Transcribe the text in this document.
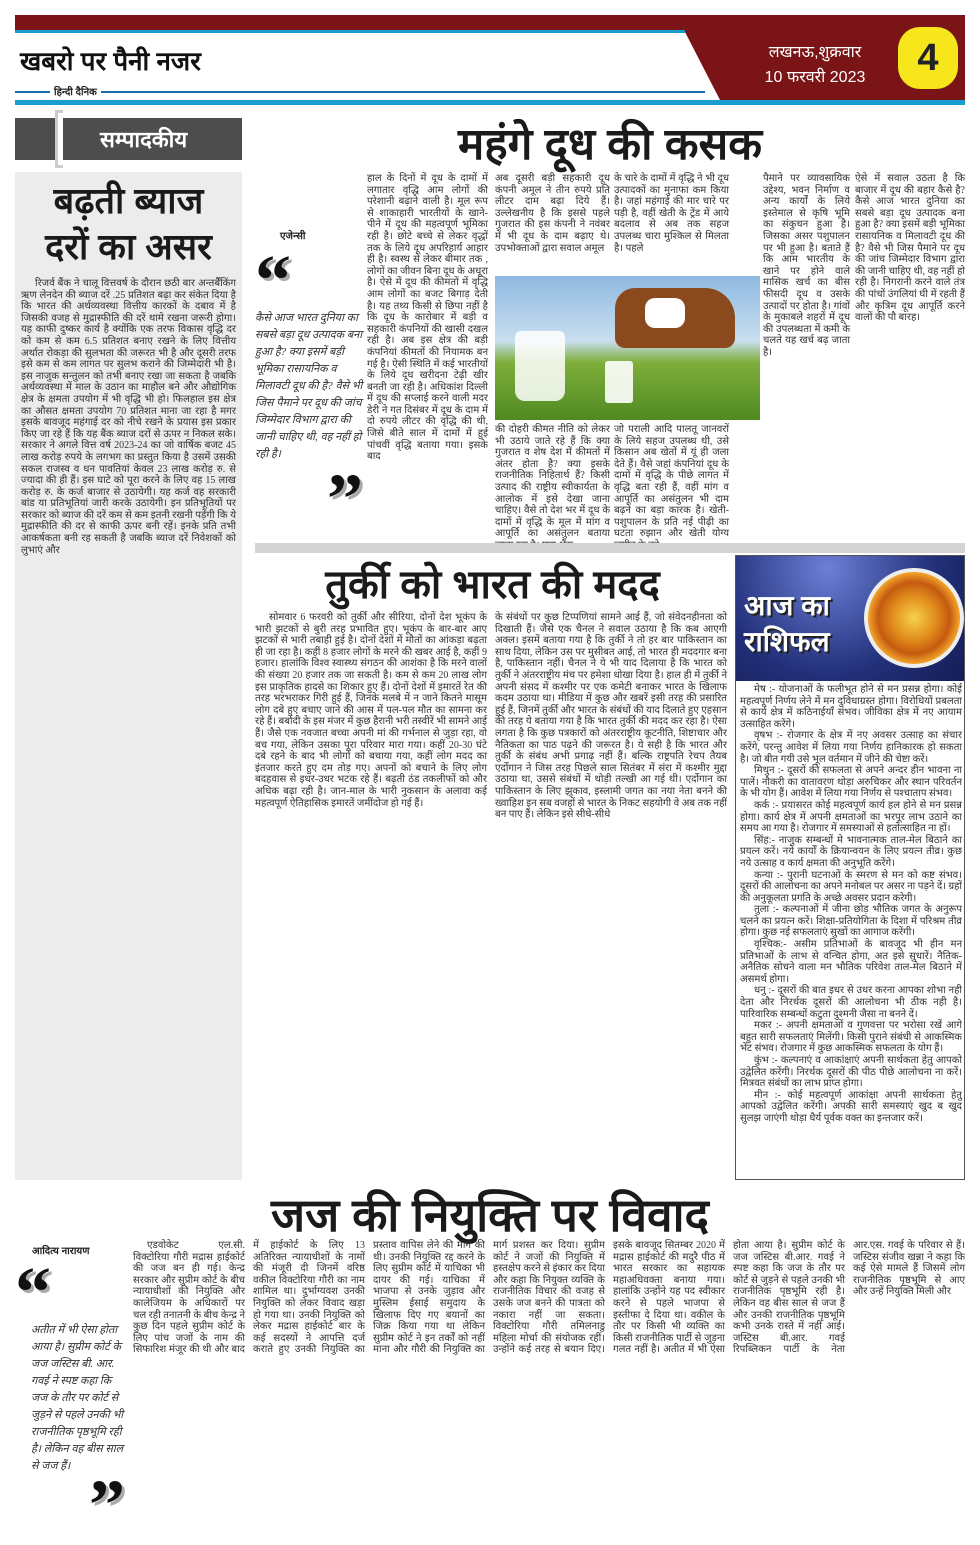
खबरो पर पैनी नजर
हिन्दी दैनिक
लखनऊ,शुक्रवार
10 फरवरी 2023	4
सम्पादकीय
बढ़ती ब्याज
दरों का असर

रिजर्व बैंक ने चालू वित्तवर्ष के दौरान छठी बार अन्तर्बैंकिंग ऋण लेनदेन की ब्याज दरें .25 प्रतिशत बढ़ा कर संकेत दिया है कि भारत की अर्थव्यवस्था वित्तीय कारकों के दबाव में है जिसकी वजह से मुद्रास्फीति की दरें थामे रखना जरूरी होगा। यह काफी दुष्कर कार्य है क्योंकि एक तरफ विकास वृद्धि दर को कम से कम 6.5 प्रतिशत बनाए रखने के लिए वित्तीय अर्थात रोकड़ा की सुलभता की जरूरत भी है और दूसरी तरफ इसे कम से कम लागत पर सुलभ कराने की जिम्मेदारी भी है। इस नाजुक सन्तुलन को तभी बनाए रखा जा सकता है जबकि अर्थव्यवस्था में माल के उठान का माहौल बने और औद्योगिक क्षेत्र के क्षमता उपयोग में भी वृद्धि भी हो। फिलहाल इस क्षेत्र का औसत क्षमता उपयोग 70 प्रतिशत माना जा रहा है मगर इसके बावजूद महंगाई दर को नीचे रखने के प्रयास इस प्रकार किए जा रहे हैं कि यह बैंक ब्याज दरों से ऊपर न निकल सके। सरकार ने अगले वित्त वर्ष 2023-24 का जो वार्षिक बजट 45 लाख करोड़ रुपये के लगभग का प्रस्तुत किया है उसमें उसकी सकल राजस्व व धन पावतियां केवल 23 लाख करोड़ रु. से ज्यादा की ही हैं। इस घाटे को पूरा करने के लिए वह 15 लाख करोड़ रु. के कर्ज बाजार से उठायेगी। यह कर्ज वह सरकारी बांड या प्रतिभूतियां जारी करके उठायेगी। इन प्रतिभूतियों पर सरकार को ब्याज की दरें कम से कम इतनी रखनी पड़ेंगी कि ये मुद्रास्फीति की दर से काफी ऊपर बनी रहें। इनके प्रति तभी आकर्षकता बनी रह सकती है जबकि ब्याज दरें निवेशकों को लुभाएं और

महंगे दूध की कसक
एजेन्सी
“
कैसे आज भारत दुनिया का सबसे बड़ा दूध उत्पादक बना हुआ है? क्या इसमें बड़ी भूमिका रासायनिक व मिलावटी दूध की है? वैसे भी जिस पैमाने पर दूध की जांच जिम्मेदार विभाग द्वारा की जानी चाहिए थी, वह नहीं हो रही है।
”
हाल के दिनों में दूध के दामों में लगातार वृद्धि आम लोगों की परेशानी बढ़ाने वाली है। मूल रूप से शाकाहारी भारतीयों के खाने-पीने में दूध की महत्वपूर्ण भूमिका रही है। छोटे बच्चे से लेकर वृद्धों तक के लिये दूध अपरिहार्य आहार ही है। स्वस्थ से लेकर बीमार तक , लोगों का जीवन बिना दूध के अधूरा है। ऐसे में दूध की कीमतों में वृद्धि आम लोगों का बजट बिगाड़ देती है। यह तथ्य किसी से छिपा नहीं है कि दूध के कारोबार में बड़ी व सहकारी कंपनियों की खासी दखल रही है। अब इस क्षेत्र की बड़ी कंपनियां कीमतों की नियामक बन गई है। ऐसी स्थिति में कई भारतीयों के लिये दूध खरीदना टेढ़ी खीर बनती जा रही है। अधिकांश दिल्ली में दूध की सप्लाई करने वाली मदर डेरी ने गत दिसंबर में दूध के दाम में दो रुपये लीटर की वृद्धि की थी, जिसे बीते साल में दामों में हुई पांचवीं वृद्धि बताया गया। इसके बाद
अब दूसरी बड़ी सहकारी दूध कंपनी अमूल ने तीन रुपये प्रति लीटर दाम बढ़ा दिये हैं। उल्लेखनीय है कि इससे पहले गुजरात की इस कंपनी ने नवंबर में भी दूध के दाम बढ़ाए थे। उपभोक्ताओं द्वारा सवाल अमूल
के चारे के दामों में वृद्धि ने भी दूध उत्पादकों का मुनाफा कम किया है। जहां महंगाई की मार चारे पर पड़ी है, वहीं खेती के ट्रेंड में आये बदलाव से अब तक सहज उपलब्ध चारा मुश्किल से मिलता है। पहले
की दोहरी कीमत नीति को लेकर भी उठाये जाते रहे हैं कि क्या गुजरात व शेष देश में कीमतों में अंतर होता है? क्या इसके राजनीतिक निहितार्थ हैं? किसी उत्पाद की राष्ट्रीय स्वीकार्यता के आलोक में इसे देखा जाना चाहिए। वैसे तो देश भर में दूध के दामों में वृद्धि के मूल में मांग व आपूर्ति का असंतुलन बताया
जो पराली आदि पालतू जानवरों के लिये सहज उपलब्ध थी, उसे किसान अब खेतों में यूं ही जला देते हैं। वैसे जहां कंपनियां दूध के दामों में वृद्धि के पीछे लागत में वृद्धि बता रही हैं, वहीं मांग व आपूर्ति का असंतुलन भी दाम बढ़ने का बड़ा कारक है। खेती-पशुपालन के प्रति नई पीढ़ी का घटता रुझान और खेती योग्य
पैमाने पर व्यावसायिक उद्देश्य, भवन निर्माण व अन्य कार्यों के लिये इस्तेमाल से कृषि भूमि का संकुचन हुआ है। जिसका असर पशुपालन पर भी हुआ है। बताते हैं कि आम भारतीय के खाने पर होने वाले मासिक खर्च का बीस फीसदी दूध व उसके उत्पादों पर होता है। गांवों के मुकाबले शहरों में दूध की उपलब्धता में कमी के चलते यह खर्च बढ़ जाता है।
ऐसे में सवाल उठता है कि बाजार में दूध की बहार कैसे है? कैसे आज भारत दुनिया का सबसे बड़ा दूध उत्पादक बना हुआ है? क्या इसमें बड़ी भूमिका रासायनिक व मिलावटी दूध की है? वैसे भी जिस पैमाने पर दूध की जांच जिम्मेदार विभाग द्वारा की जानी चाहिए थी, वह नहीं हो रही है। निगरानी करने वाले तंत्र की पांचों उंगलियां घी में रहती हैं और कृत्रिम दूध आपूर्ति करने वालों की पौ बारह।
तुर्की को भारत की मदद
सोमवार 6 फरवरी को तुर्की और सीरिया, दोनों देश भूकंप के भारी झटकों से बुरी तरह प्रभावित हुए। भूकंप के बार-बार आए झटकों से भारी तबाही हुई है। दोनों देशों में मौतों का आंकड़ा बढ़ता ही जा रहा है। कहीं 8 हजार लोगों के मरने की खबर आई है, कहीं 9 हजार। हालांकि विश्व स्वास्थ्य संगठन की आशंका है कि मरने वालों की संख्या 20 हजार तक जा सकती है। कम से कम 20 लाख लोग इस प्राकृतिक हादसे का शिकार हुए हैं। दोनों देशों में इमारतें रेत की तरह भरभराकर गिरी हुई हैं, जिनके मलबे में न जाने कितने मासूम लोग दबे हुए बचाए जाने की आस में पल-पल मौत का सामना कर रहे हैं। बर्बादी के इस मंजर में कुछ हैरानी भरी तस्वीरें भी सामने आई हैं। जैसे एक नवजात बच्चा अपनी मां की गर्भनाल से जुड़ा रहा, वो बच गया, लेकिन उसका पूरा परिवार मारा गया। कहीं 20-30 घंटे दबे रहने के बाद भी लोगों को बचाया गया, कहीं लोग मदद का इंतजार करते हुए दम तोड़ गए। अपनों को बचाने के लिए लोग बदहवास से इधर-उधर भटक रहे हैं। बढ़ती ठंड तकलीफों को और अधिक बढ़ा रही है। जान-माल के भारी नुकसान के अलावा कई महत्वपूर्ण ऐतिहासिक इमारतें जमींदोज हो गई हैं।
के संबंधों पर कुछ टिप्पणियां सामने आई हैं, जो संवेदनहीनता को दिखाती हैं। जैसे एक चैनल ने सवाल उठाया है कि कब आएगी अक्ल। इसमें बताया गया है कि तुर्की ने तो हर बार पाकिस्तान का साथ दिया, लेकिन उस पर मुसीबत आई, तो भारत ही मददगार बना है, पाकिस्तान नहीं। चैनल ने ये भी याद दिलाया है कि भारत को तुर्की ने अंतरराष्ट्रीय मंच पर हमेशा धोखा दिया है। हाल ही में तुर्की ने अपनी संसद में कश्मीर पर एक कमेटी बनाकर भारत के खिलाफ कदम उठाया था। मीडिया में कुछ और खबरें इसी तरह की प्रसारित हुई हैं, जिनमें तुर्की और भारत के संबंधों की याद दिलाते हुए एहसान की तरह ये बताया गया है कि भारत तुर्की की मदद कर रहा है। ऐसा लगता है कि कुछ पत्रकारों को अंतरराष्ट्रीय कूटनीति, शिष्टाचार और नैतिकता का पाठ पढ़ने की जरूरत है। ये सही है कि भारत और तुर्की के संबंध अभी प्रगाढ़ नहीं हैं। बल्कि राष्ट्रपति रेचप तैयब एर्दोगान ने जिस तरह पिछले साल सितंबर में संरा में कश्मीर मुद्दा उठाया था, उससे संबंधों में थोड़ी तल्खी आ गई थी। एर्दोगान का पाकिस्तान के लिए झुकाव, इस्लामी जगत का नया नेता बनने की ख्वाहिश इन सब वजहों से भारत के निकट सहयोगी वे अब तक नहीं बन पाए हैं। लेकिन इसे सीधे-सीधे
आज का
राशिफल

मेष :- योजनाओं के फलीभूत होने से मन प्रसन्न होगा। कोई महत्वपूर्ण निर्णय लेने में मन दुविधाग्रस्त होगा। विरोधियों प्रबलता से कार्य क्षेत्र में कठिनाईयाँ संभव। जीविका क्षेत्र में नए आयाम उत्साहित करेंगे।

वृषभ :- रोजगार के क्षेत्र में नए अवसर उत्साह का संचार करेंगे, परन्तु आवेश में लिया गया निर्णय हानिकारक हो सकता है। जो बीत गयी उसे भूल वर्तमान में जीने की चेष्टा करें।

मिथुन :- दूसरों की सफलता से अपने अन्दर हीन भावना ना पालें। नौकरी का वातावरण थोड़ा अरुचिकर और स्थान परिवर्तन के भी योग हैं। आवेश में लिया गया निर्णय से पश्चाताप संभव।

कर्क :- प्रयासरत कोई महत्वपूर्ण कार्य हल होने से मन प्रसन्न होगा। कार्य क्षेत्र में अपनी क्षमताओं का भरपूर लाभ उठाने का समय आ गया है। रोजगार में समस्याओं से हतोत्साहित ना हों।

सिंह:- नाजुक सम्बन्धों मे भावनात्मक ताल-मेल बिठाने का प्रयत्न करें। नये कार्यों के क्रियान्वयन के लिए प्रयत्न तीव्र। कुछ नये उत्साह व कार्य क्षमता की अनुभूति करेंगे।

कन्या :- पुरानी घटनाओं के स्मरण से मन को कष्ट संभव। दूसरों की आलोचना का अपने मनोबल पर असर ना पड़ने दें। ग्रहों की अनुकूलता प्रगति के अच्छे अवसर प्रदान करेगी।

तुला :- कल्पनाओं में जीना छोड़ भौतिक जगत के अनुरूप चलने का प्रयत्न करें। शिक्षा-प्रतियोगिता के दिशा में परिश्रम तीव्र होगा। कुछ नई सफलताएं सुखों का आगाज करेंगी।

वृश्चिक:- असीम प्रतिभाओं के बावजूद भी हीन मन प्रतिभाओं के लाभ से वन्चित होगा, अत इसे सुधारें। नैतिक-अनैतिक सोचने वाला मन भौतिक परिवेश ताल-मेल बिठाने में असमर्थ होगा।

धनु :- दूसरों की बात इधर से उधर करना आपका शोभा नही देता और निरर्थक दूसरों की आलोचना भी ठीक नही है। पारिवारिक सम्बन्धों कटुता दुश्मनी जैसा ना बनने दें।

मकर :- अपनी क्षमताओं व गुणवत्ता पर भरोसा रखें आगे बहुत सारी सफलताएं मिलेंगी। किसी पुराने संबंधी से आकस्मिक भेंट संभव। रोजगार में कुछ आकस्मिक सफलता के योग हैं।

कुंभ :- कल्पनाएं व आकांक्षाएं अपनी सार्थकता हेतु आपको उद्वेलित करेंगी। निरर्थक दूसरों की पीठ पीछे आलोचना ना करें। मित्रवत संबंधों का लाभ प्राप्त होगा।

मीन :- कोई महत्वपूर्ण आकांक्षा अपनी सार्थकता हेतु आपको उद्वेलित करेंगी। अपकी सारी समस्याएं खुद ब खुद सुलझ जाएंगी थोड़ा धैर्य पूर्वक वक्त का इन्तजार करें।

जज की नियुक्ति पर विवाद
आदित्य नारायण
“
अतीत में भी ऐसा होता आया है। सुप्रीम कोर्ट के जज जस्टिस बी. आर. गवई ने स्पष्ट कहा कि जज के तौर पर कोर्ट से जुड़ने से पहले उनकी भी राजनीतिक पृष्ठभूमि रही है। लेकिन वह बीस साल से जज हैं। ”
एडवोकेट एल.सी. विक्टोरिया गौरी मद्रास हाईकोर्ट की जज बन ही गई। केन्द्र सरकार और सुप्रीम कोर्ट के बीच न्यायाधीशों की नियुक्ति और कालेजियम के अधिकारों पर चल रही तनातनी के बीच केन्द्र ने कुछ दिन पहले सुप्रीम कोर्ट के लिए पांच जजों के नाम की सिफारिश मंजूर की थी और बाद में हाईकोर्ट के लिए 13 अतिरिक्त न्यायाधीशों के नामों की मंजूरी दी जिनमें वरिष्ठ वकील विक्टोरिया गौरी का नाम शामिल था। दुर्भाग्यवश उनकी नियुक्ति को लेकर विवाद खड़ा हो गया था। उनकी नियुक्ति को लेकर मद्रास हाईकोर्ट बार के कई सदस्यों ने आपत्ति दर्ज कराते हुए उनकी नियुक्ति का प्रस्ताव वापिस लेने की मांग की थी। उनकी नियुक्ति रद्द करने के लिए सुप्रीम कोर्ट में याचिका भी दायर की गई। याचिका में भाजपा से उनके जुड़ाव और मुस्लिम ईसाई समुदाय के खिलाफ दिए गए बयानों का जिक्र किया गया था लेकिन सुप्रीम कोर्ट ने इन तर्कों को नहीं माना और गौरी की नियुक्ति का मार्ग प्रशस्त कर दिया। सुप्रीम कोर्ट ने जजों की नियुक्ति में हस्तक्षेप करने से इंकार कर दिया और कहा कि नियुक्त व्यक्ति के राजनीतिक विचार की वजह से उसके जज बनने की पात्रता को नकारा नहीं जा सकता। विक्टोरिया गौरी तमिलनाडु महिला मोर्चा की संयोजक रहीं। उन्होंने कई तरह से बयान दिए। इसके बावजूद सितम्बर 2020 में मद्रास हाईकोर्ट की मदुरै पीठ में भारत सरकार का सहायक महाअधिवक्ता बनाया गया। हालांकि उन्होंने यह पद स्वीकार करने से पहले भाजपा से इस्तीफा दे दिया था। वकील के तौर पर किसी भी व्यक्ति का किसी राजनीतिक पार्टी से जुड़ना गलत नहीं है। अतीत में भी ऐसा होता आया है। सुप्रीम कोर्ट के जज जस्टिस बी.आर. गवई ने स्पष्ट कहा कि जज के तौर पर कोर्ट से जुड़ने से पहले उनकी भी राजनीतिक पृष्ठभूमि रही है। लेकिन वह बीस साल से जज हैं और उनकी राजनीतिक पृष्ठभूमि कभी उनके रास्ते में नहीं आई। जस्टिस बी.आर. गवई रिपब्लिकन पार्टी के नेता आर.एस. गवई के परिवार से हैं। जस्टिस संजीव खन्ना ने कहा कि कई ऐसे मामले हैं जिसमें लोग राजनीतिक पृष्ठभूमि से आए और उन्हें नियुक्ति मिली और
